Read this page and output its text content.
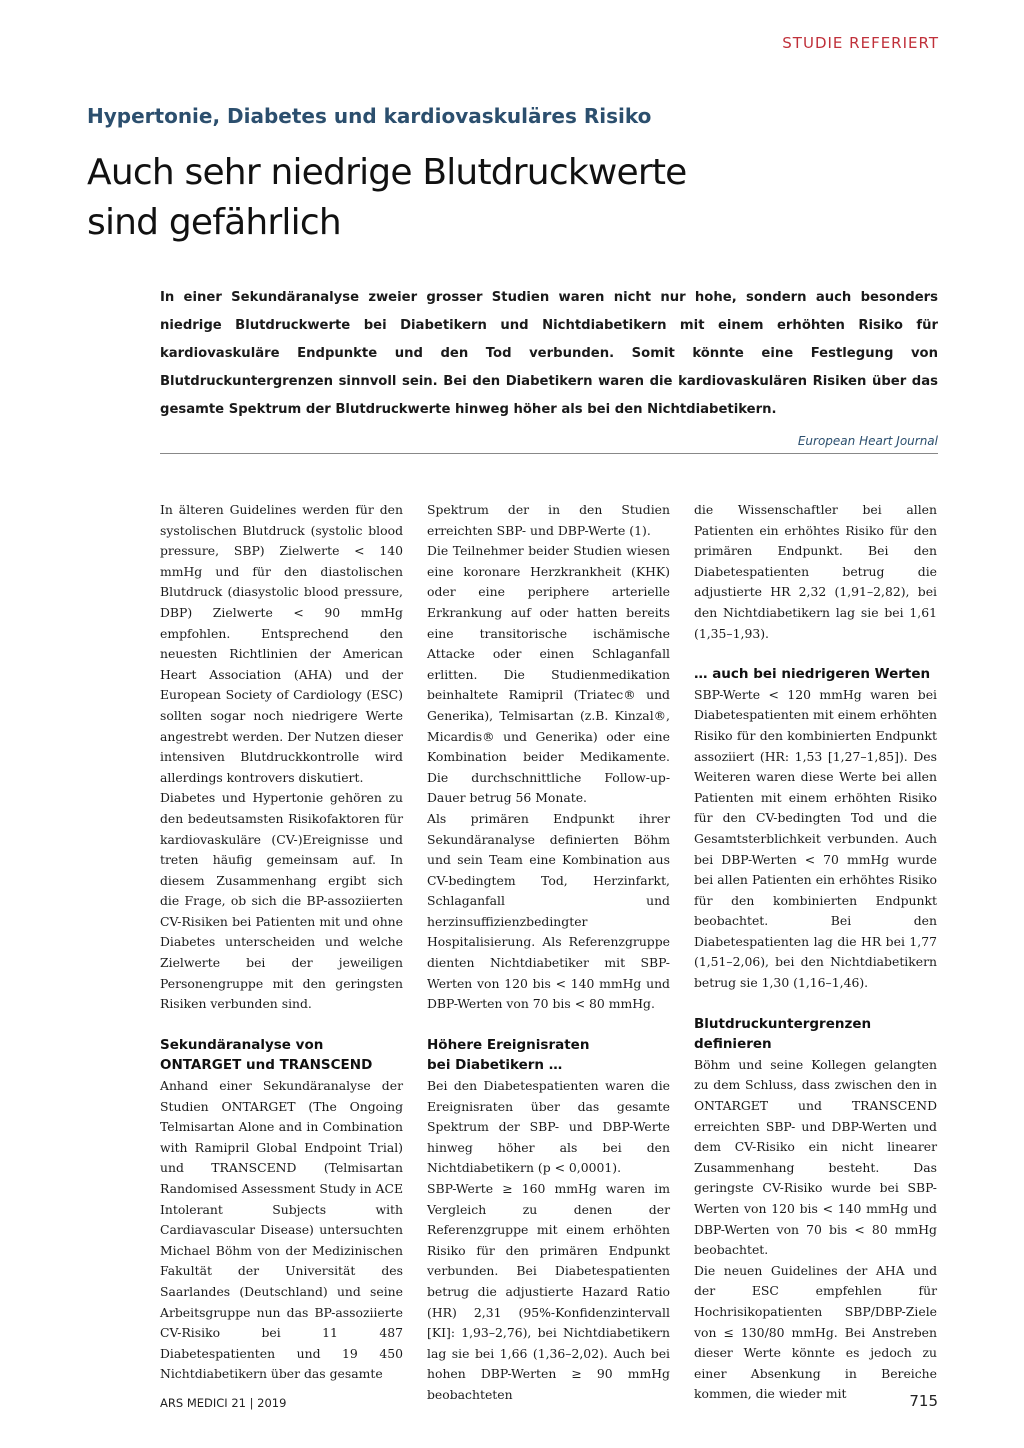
STUDIE REFERIERT
Hypertonie, Diabetes und kardiovaskuläres Risiko
Auch sehr niedrige Blutdruckwerte
sind gefährlich
In einer Sekundäranalyse zweier grosser Studien waren nicht nur hohe, sondern auch besonders niedrige Blutdruckwerte bei Diabetikern und Nichtdiabetikern mit einem erhöhten Risiko für kardiovaskuläre Endpunkte und den Tod verbunden. Somit könnte eine Festlegung von Blutdruckuntergrenzen sinnvoll sein. Bei den Diabetikern waren die kardiovaskulären Risiken über das gesamte Spektrum der Blutdruckwerte hinweg höher als bei den Nichtdiabetikern.
European Heart Journal

In älteren Guidelines werden für den systolischen Blutdruck (systolic blood pressure, SBP) Zielwerte < 140 mmHg und für den diastolischen Blutdruck (diasystolic blood pressure, DBP) Zielwerte < 90 mmHg empfohlen. Entsprechend den neuesten Richtlinien der American Heart Association (AHA) und der European Society of Cardiology (ESC) sollten sogar noch niedrigere Werte angestrebt werden. Der Nutzen dieser intensiven Blutdruckkontrolle wird allerdings kontrovers diskutiert.

Diabetes und Hypertonie gehören zu den bedeutsamsten Risikofaktoren für kardiovaskuläre (CV-)Ereignisse und treten häufig gemeinsam auf. In diesem Zusammenhang ergibt sich die Frage, ob sich die BP-assoziierten CV-Risiken bei Patienten mit und ohne Diabetes unterscheiden und welche Zielwerte bei der jeweiligen Personengruppe mit den geringsten Risiken verbunden sind.

Sekundäranalyse von
ONTARGET und TRANSCEND

Anhand einer Sekundäranalyse der Studien ONTARGET (The Ongoing Telmisartan Alone and in Combination with Ramipril Global Endpoint Trial) und TRANSCEND (Telmisartan Randomised Assessment Study in ACE Intolerant Subjects with Cardiavascular Disease) untersuchten Michael Böhm von der Medizinischen Fakultät der Universität des Saarlandes (Deutschland) und seine Arbeitsgruppe nun das BP-assoziierte CV-Risiko bei 11 487 Diabetespatienten und 19 450 Nichtdiabetikern über das gesamte

Spektrum der in den Studien erreichten SBP- und DBP-Werte (1).

Die Teilnehmer beider Studien wiesen eine koronare Herzkrankheit (KHK) oder eine periphere arterielle Erkrankung auf oder hatten bereits eine transitorische ischämische Attacke oder einen Schlaganfall erlitten. Die Studienmedikation beinhaltete Ramipril (Triatec® und Generika), Telmisartan (z.B. Kinzal®, Micardis® und Generika) oder eine Kombination beider Medikamente. Die durchschnittliche Follow-up-Dauer betrug 56 Monate.

Als primären Endpunkt ihrer Sekundäranalyse definierten Böhm und sein Team eine Kombination aus CV-bedingtem Tod, Herzinfarkt, Schlaganfall und herzinsuffizienzbedingter Hospitalisierung. Als Referenzgruppe dienten Nichtdiabetiker mit SBP-Werten von 120 bis < 140 mmHg und DBP-Werten von 70 bis < 80 mmHg.

Höhere Ereignisraten
bei Diabetikern …

Bei den Diabetespatienten waren die Ereignisraten über das gesamte Spektrum der SBP- und DBP-Werte hinweg höher als bei den Nichtdiabetikern (p < 0,0001).

SBP-Werte ≥ 160 mmHg waren im Vergleich zu denen der Referenzgruppe mit einem erhöhten Risiko für den primären Endpunkt verbunden. Bei Diabetespatienten betrug die adjustierte Hazard Ratio (HR) 2,31 (95%-Konfidenzintervall [KI]: 1,93–2,76), bei Nichtdiabetikern lag sie bei 1,66 (1,36–2,02). Auch bei hohen DBP-Werten ≥ 90 mmHg beobachteten

die Wissenschaftler bei allen Patienten ein erhöhtes Risiko für den primären Endpunkt. Bei den Diabetespatienten betrug die adjustierte HR 2,32 (1,91–2,82), bei den Nichtdiabetikern lag sie bei 1,61 (1,35–1,93).

… auch bei niedrigeren Werten

SBP-Werte < 120 mmHg waren bei Diabetespatienten mit einem erhöhten Risiko für den kombinierten Endpunkt assoziiert (HR: 1,53 [1,27–1,85]). Des Weiteren waren diese Werte bei allen Patienten mit einem erhöhten Risiko für den CV-bedingten Tod und die Gesamtsterblichkeit verbunden. Auch bei DBP-Werten < 70 mmHg wurde bei allen Patienten ein erhöhtes Risiko für den kombinierten Endpunkt beobachtet. Bei den Diabetespatienten lag die HR bei 1,77 (1,51–2,06), bei den Nichtdiabetikern betrug sie 1,30 (1,16–1,46).

Blutdruckuntergrenzen
definieren

Böhm und seine Kollegen gelangten zu dem Schluss, dass zwischen den in ONTARGET und TRANSCEND erreichten SBP- und DBP-Werten und dem CV-Risiko ein nicht linearer Zusammenhang besteht. Das geringste CV-Risiko wurde bei SBP-Werten von 120 bis < 140 mmHg und DBP-Werten von 70 bis < 80 mmHg beobachtet.

Die neuen Guidelines der AHA und der ESC empfehlen für Hochrisikopatienten SBP/DBP-Ziele von ≤ 130/80 mmHg. Bei Anstreben dieser Werte könnte es jedoch zu einer Absenkung in Bereiche kommen, die wieder mit

ARS MEDICI 21 | 2019	715
